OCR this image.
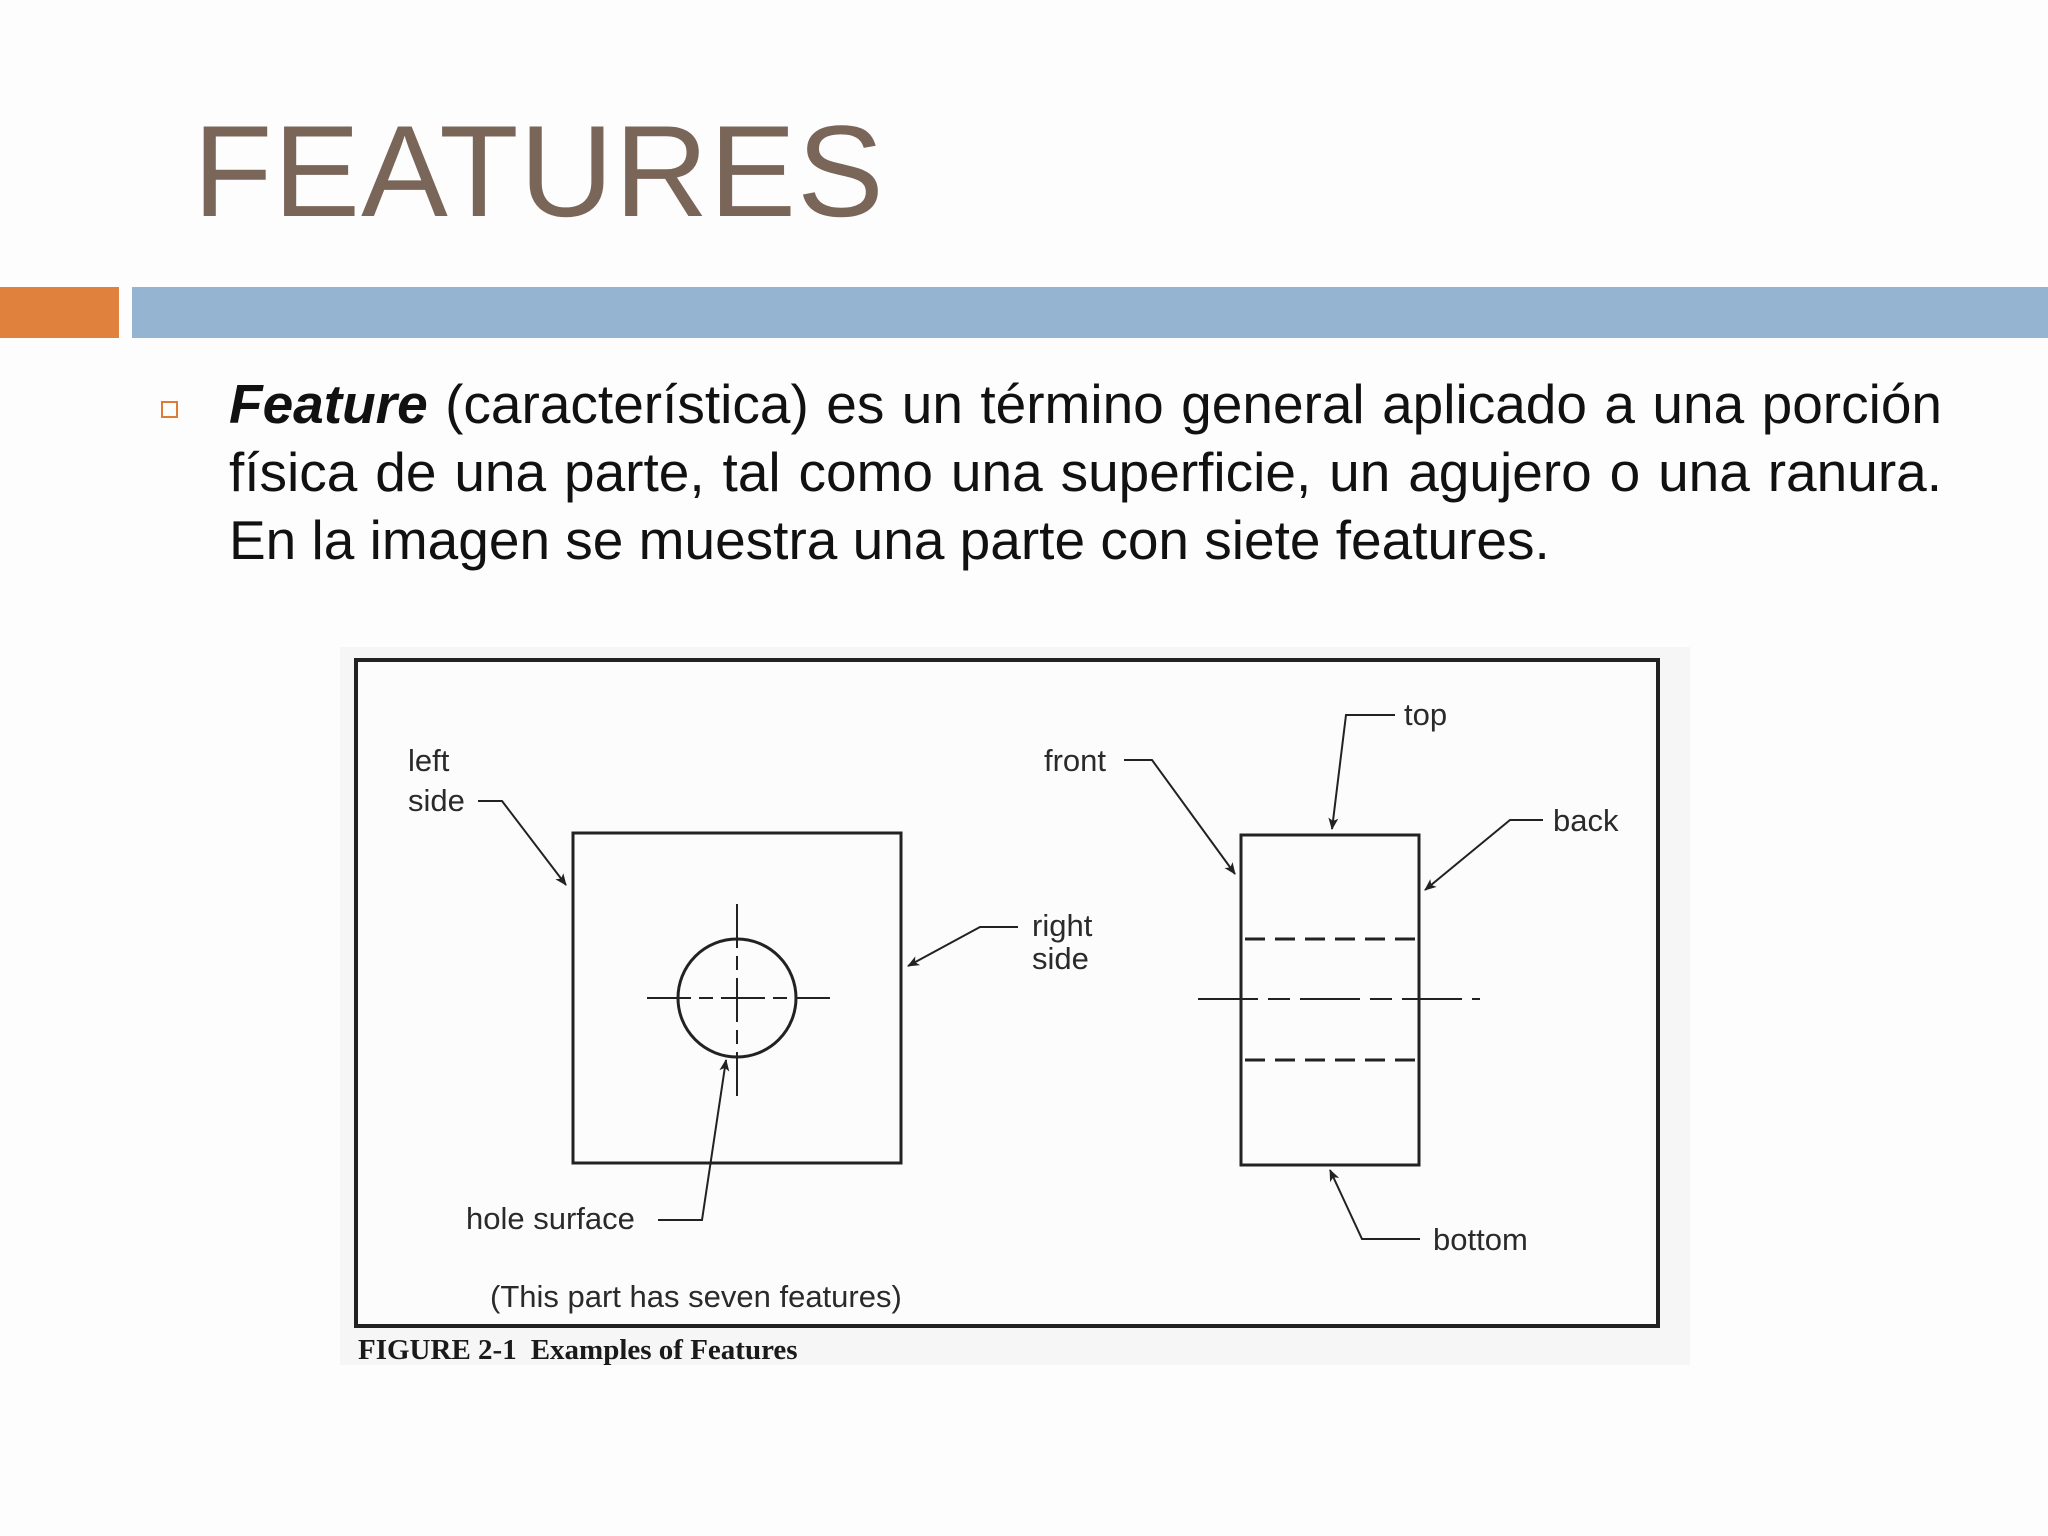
FEATURES
Feature (característica) es un término general aplicado a una porción física de una parte, tal como una superficie, un agujero o una ranura. En la imagen se muestra una parte con siete features.
left
side
right
side
hole surface
front
top
back
bottom
(This part has seven features)
FIGURE 2-1 Examples of Features
